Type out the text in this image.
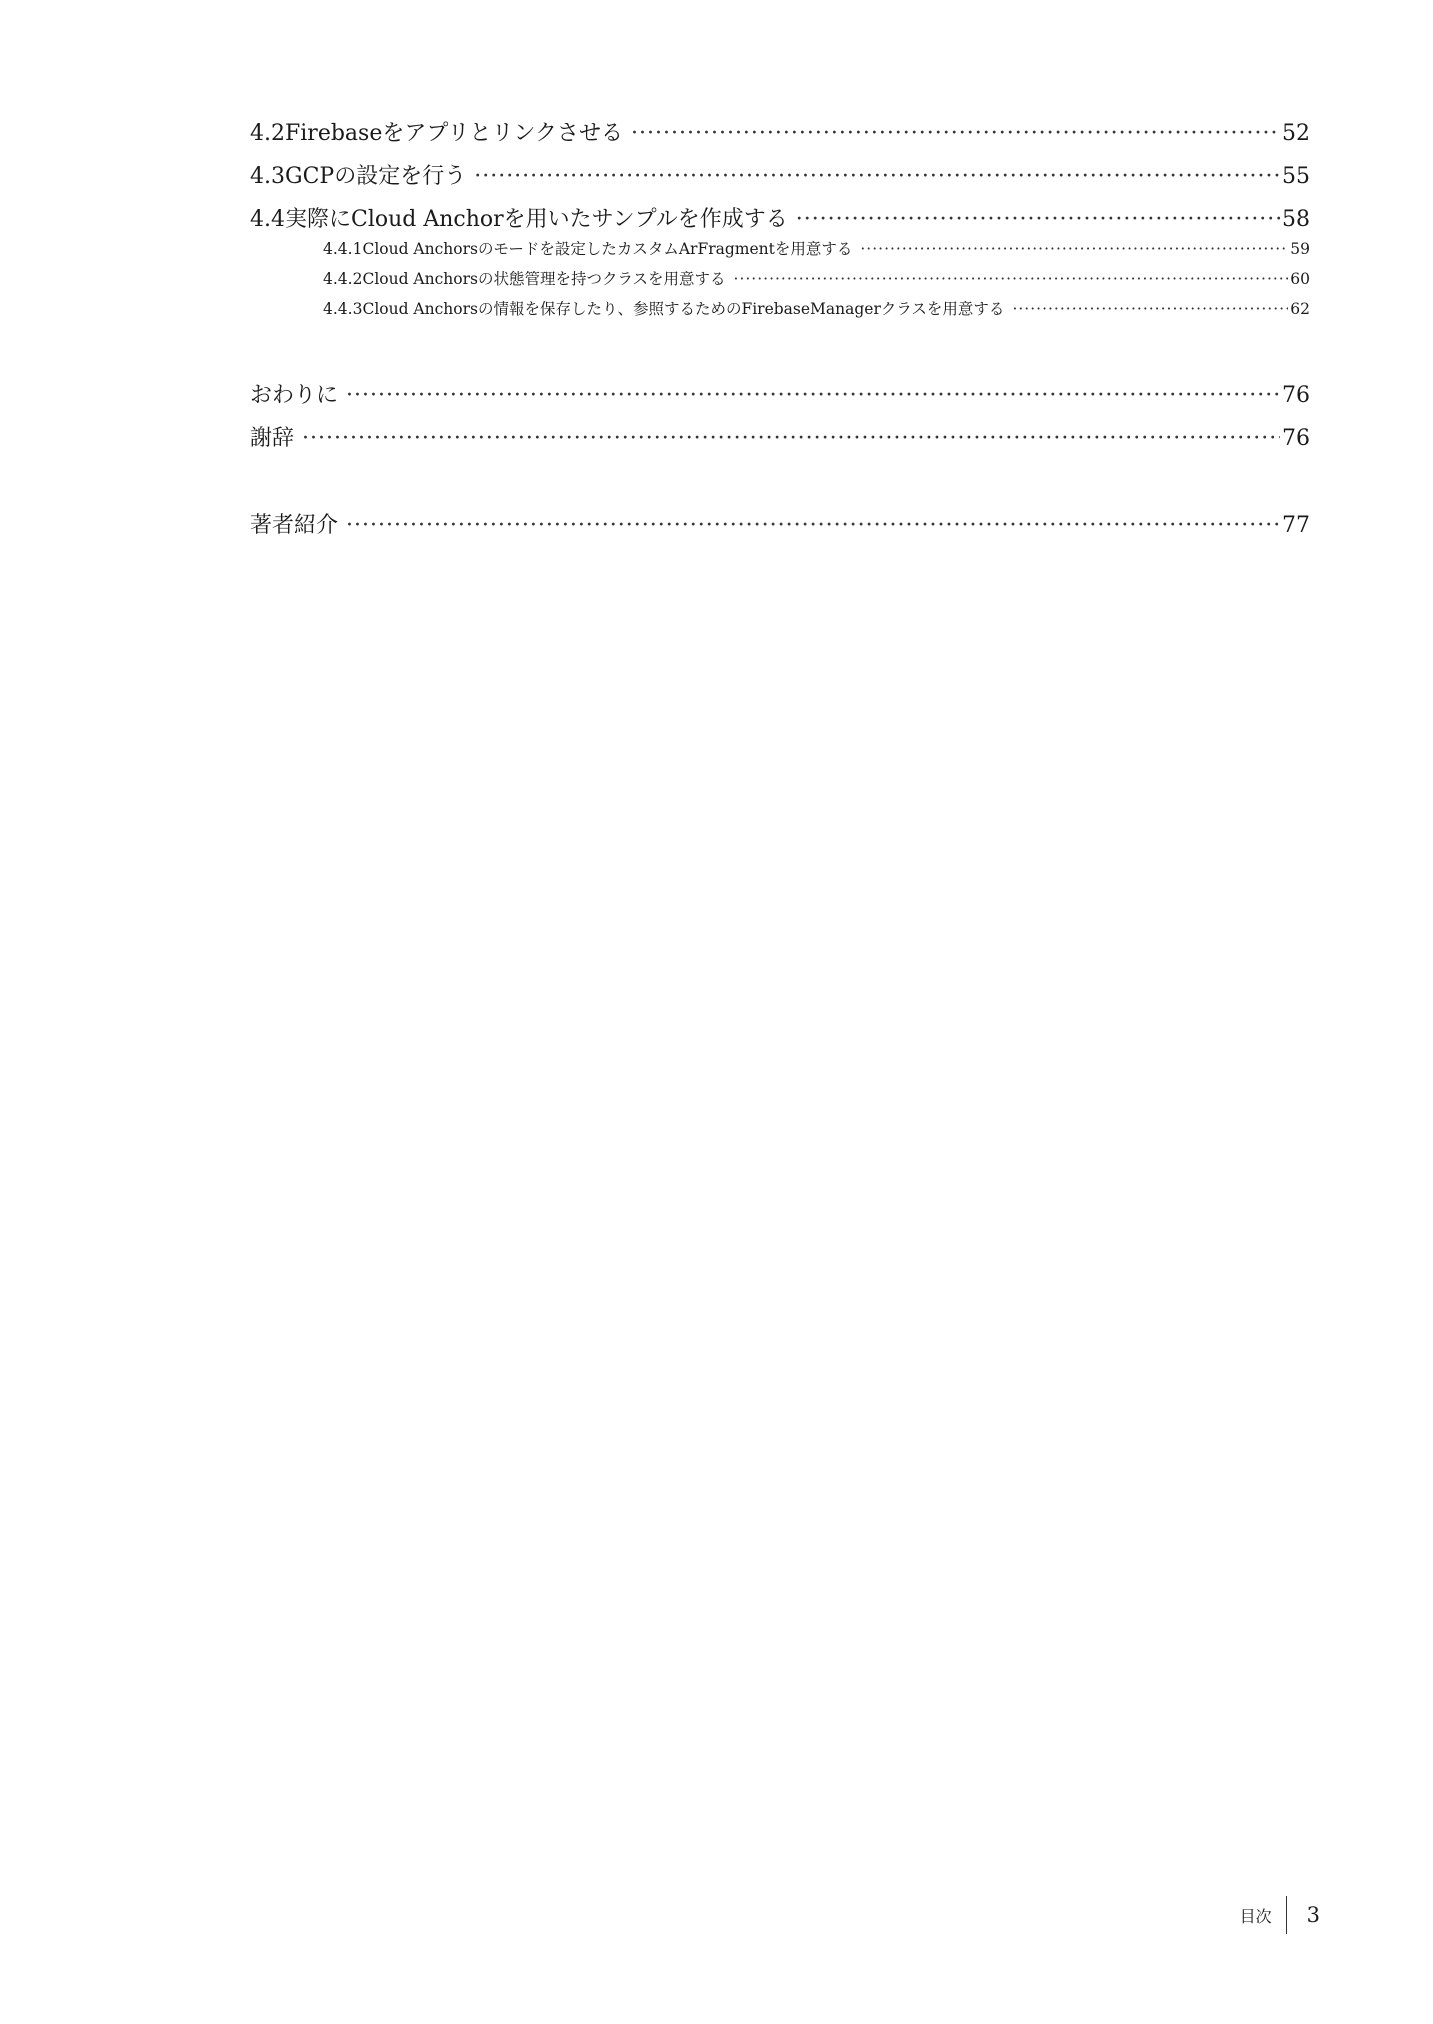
4.2 Firebaseをアプリとリンクさせる ·····	52
4.3 GCPの設定を行う ·····	55
4.4 実際にCloud Anchorを用いたサンプルを作成する ·····	58
4.4.1 Cloud Anchorsのモードを設定したカスタムArFragmentを用意する ·····	59
4.4.2 Cloud Anchorsの状態管理を持つクラスを用意する ·····	60
4.4.3 Cloud Anchorsの情報を保存したり、参照するためのFirebaseManagerクラスを用意する ·····	62
おわりに ·····	76
謝辞 ·····	76
著者紹介 ·····	77
目次 3
